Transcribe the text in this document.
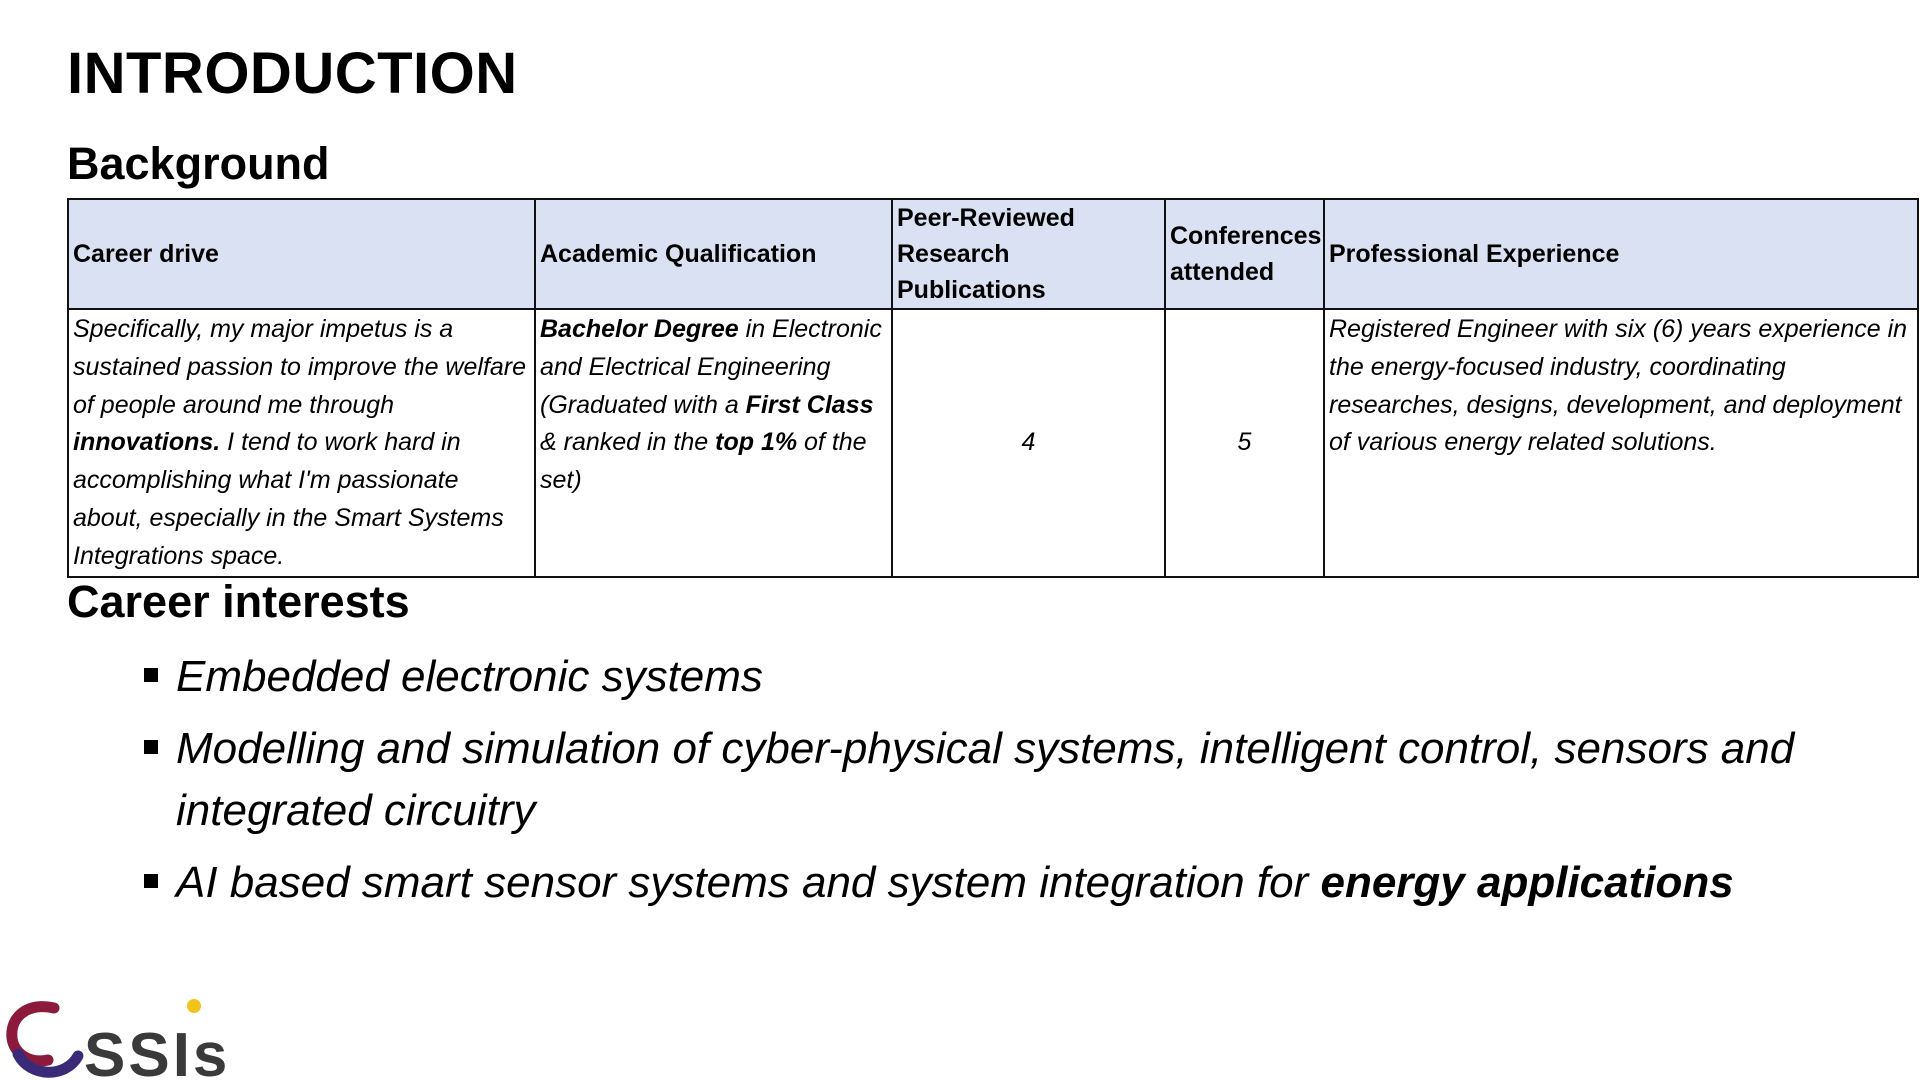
INTRODUCTION
Background
Career drive	Academic Qualification	Peer-Reviewed Research Publications	Conferences attended	Professional Experience
Specifically, my major impetus is a sustained passion to improve the welfare of people around me through innovations. I tend to work hard in accomplishing what I'm passionate about, especially in the Smart Systems Integrations space.	Bachelor Degree in Electronic and Electrical Engineering (Graduated with a First Class & ranked in the top 1% of the set)	4	5	Registered Engineer with six (6) years experience in the energy-focused industry, coordinating researches, designs, development, and deployment of various energy related solutions.
Career interests
Embedded electronic systems
Modelling and simulation of cyber-physical systems, intelligent control, sensors and integrated circuitry
AI based smart sensor systems and system integration for energy applications
SSIs
